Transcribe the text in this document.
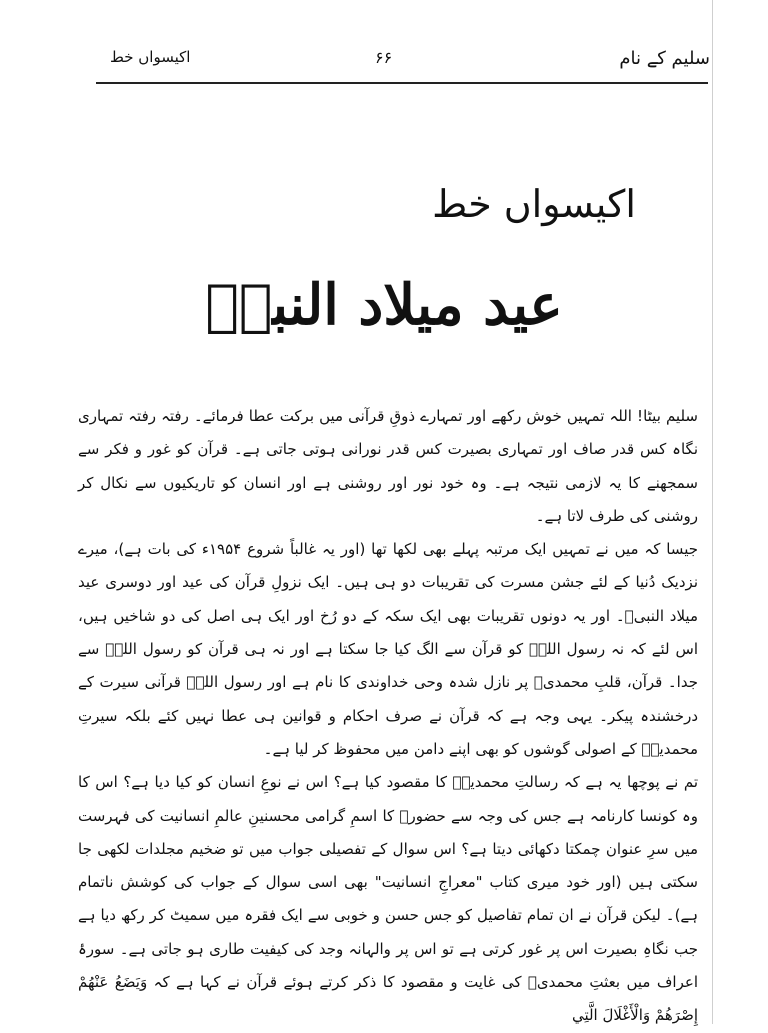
اکیسواں خط	۶۶	سلیم کے نام
اکیسواں خط
عید میلاد النبیؐ

سلیم بیٹا! اللہ تمہیں خوش رکھے اور تمہارے ذوقِ قرآنی میں برکت عطا فرمائے۔ رفتہ رفتہ تمہاری نگاہ کس قدر صاف اور تمہاری بصیرت کس قدر نورانی ہوتی جاتی ہے۔ قرآن کو غور و فکر سے سمجھنے کا یہ لازمی نتیجہ ہے۔ وہ خود نور اور روشنی ہے اور انسان کو تاریکیوں سے نکال کر روشنی کی طرف لاتا ہے۔

جیسا کہ میں نے تمہیں ایک مرتبہ پہلے بھی لکھا تھا (اور یہ غالباً شروع ۱۹۵۴ء کی بات ہے)، میرے نزدیک دُنیا کے لئے جشن مسرت کی تقریبات دو ہی ہیں۔ ایک نزولِ قرآن کی عید اور دوسری عید میلاد النبیؐ۔ اور یہ دونوں تقریبات بھی ایک سکہ کے دو رُخ اور ایک ہی اصل کی دو شاخیں ہیں، اس لئے کہ نہ رسول اللہؐ کو قرآن سے الگ کیا جا سکتا ہے اور نہ ہی قرآن کو رسول اللہؐ سے جدا۔ قرآن، قلبِ محمدیؐ پر نازل شدہ وحی خداوندی کا نام ہے اور رسول اللہؐ قرآنی سیرت کے درخشندہ پیکر۔ یہی وجہ ہے کہ قرآن نے صرف احکام و قوانین ہی عطا نہیں کئے بلکہ سیرتِ محمدیہؐ کے اصولی گوشوں کو بھی اپنے دامن میں محفوظ کر لیا ہے۔

تم نے پوچھا یہ ہے کہ رسالتِ محمدیہؐ کا مقصود کیا ہے؟ اس نے نوعِ انسان کو کیا دیا ہے؟ اس کا وہ کونسا کارنامہ ہے جس کی وجہ سے حضورؐ کا اسمِ گرامی محسنینِ عالمِ انسانیت کی فہرست میں سرِ عنوان چمکتا دکھائی دیتا ہے؟ اس سوال کے تفصیلی جواب میں تو ضخیم مجلدات لکھی جا سکتی ہیں (اور خود میری کتاب "معراجِ انسانیت" بھی اسی سوال کے جواب کی کوشش ناتمام ہے)۔ لیکن قرآن نے ان تمام تفاصیل کو جس حسن و خوبی سے ایک فقرہ میں سمیٹ کر رکھ دیا ہے جب نگاہِ بصیرت اس پر غور کرتی ہے تو اس پر والہانہ وجد کی کیفیت طاری ہو جاتی ہے۔ سورۂ اعراف میں بعثتِ محمدیؐ کی غایت و مقصود کا ذکر کرتے ہوئے قرآن نے کہا ہے کہ وَيَضَعُ عَنْهُمْ إِصْرَهُمْ وَالْأَغْلَالَ الَّتِي
